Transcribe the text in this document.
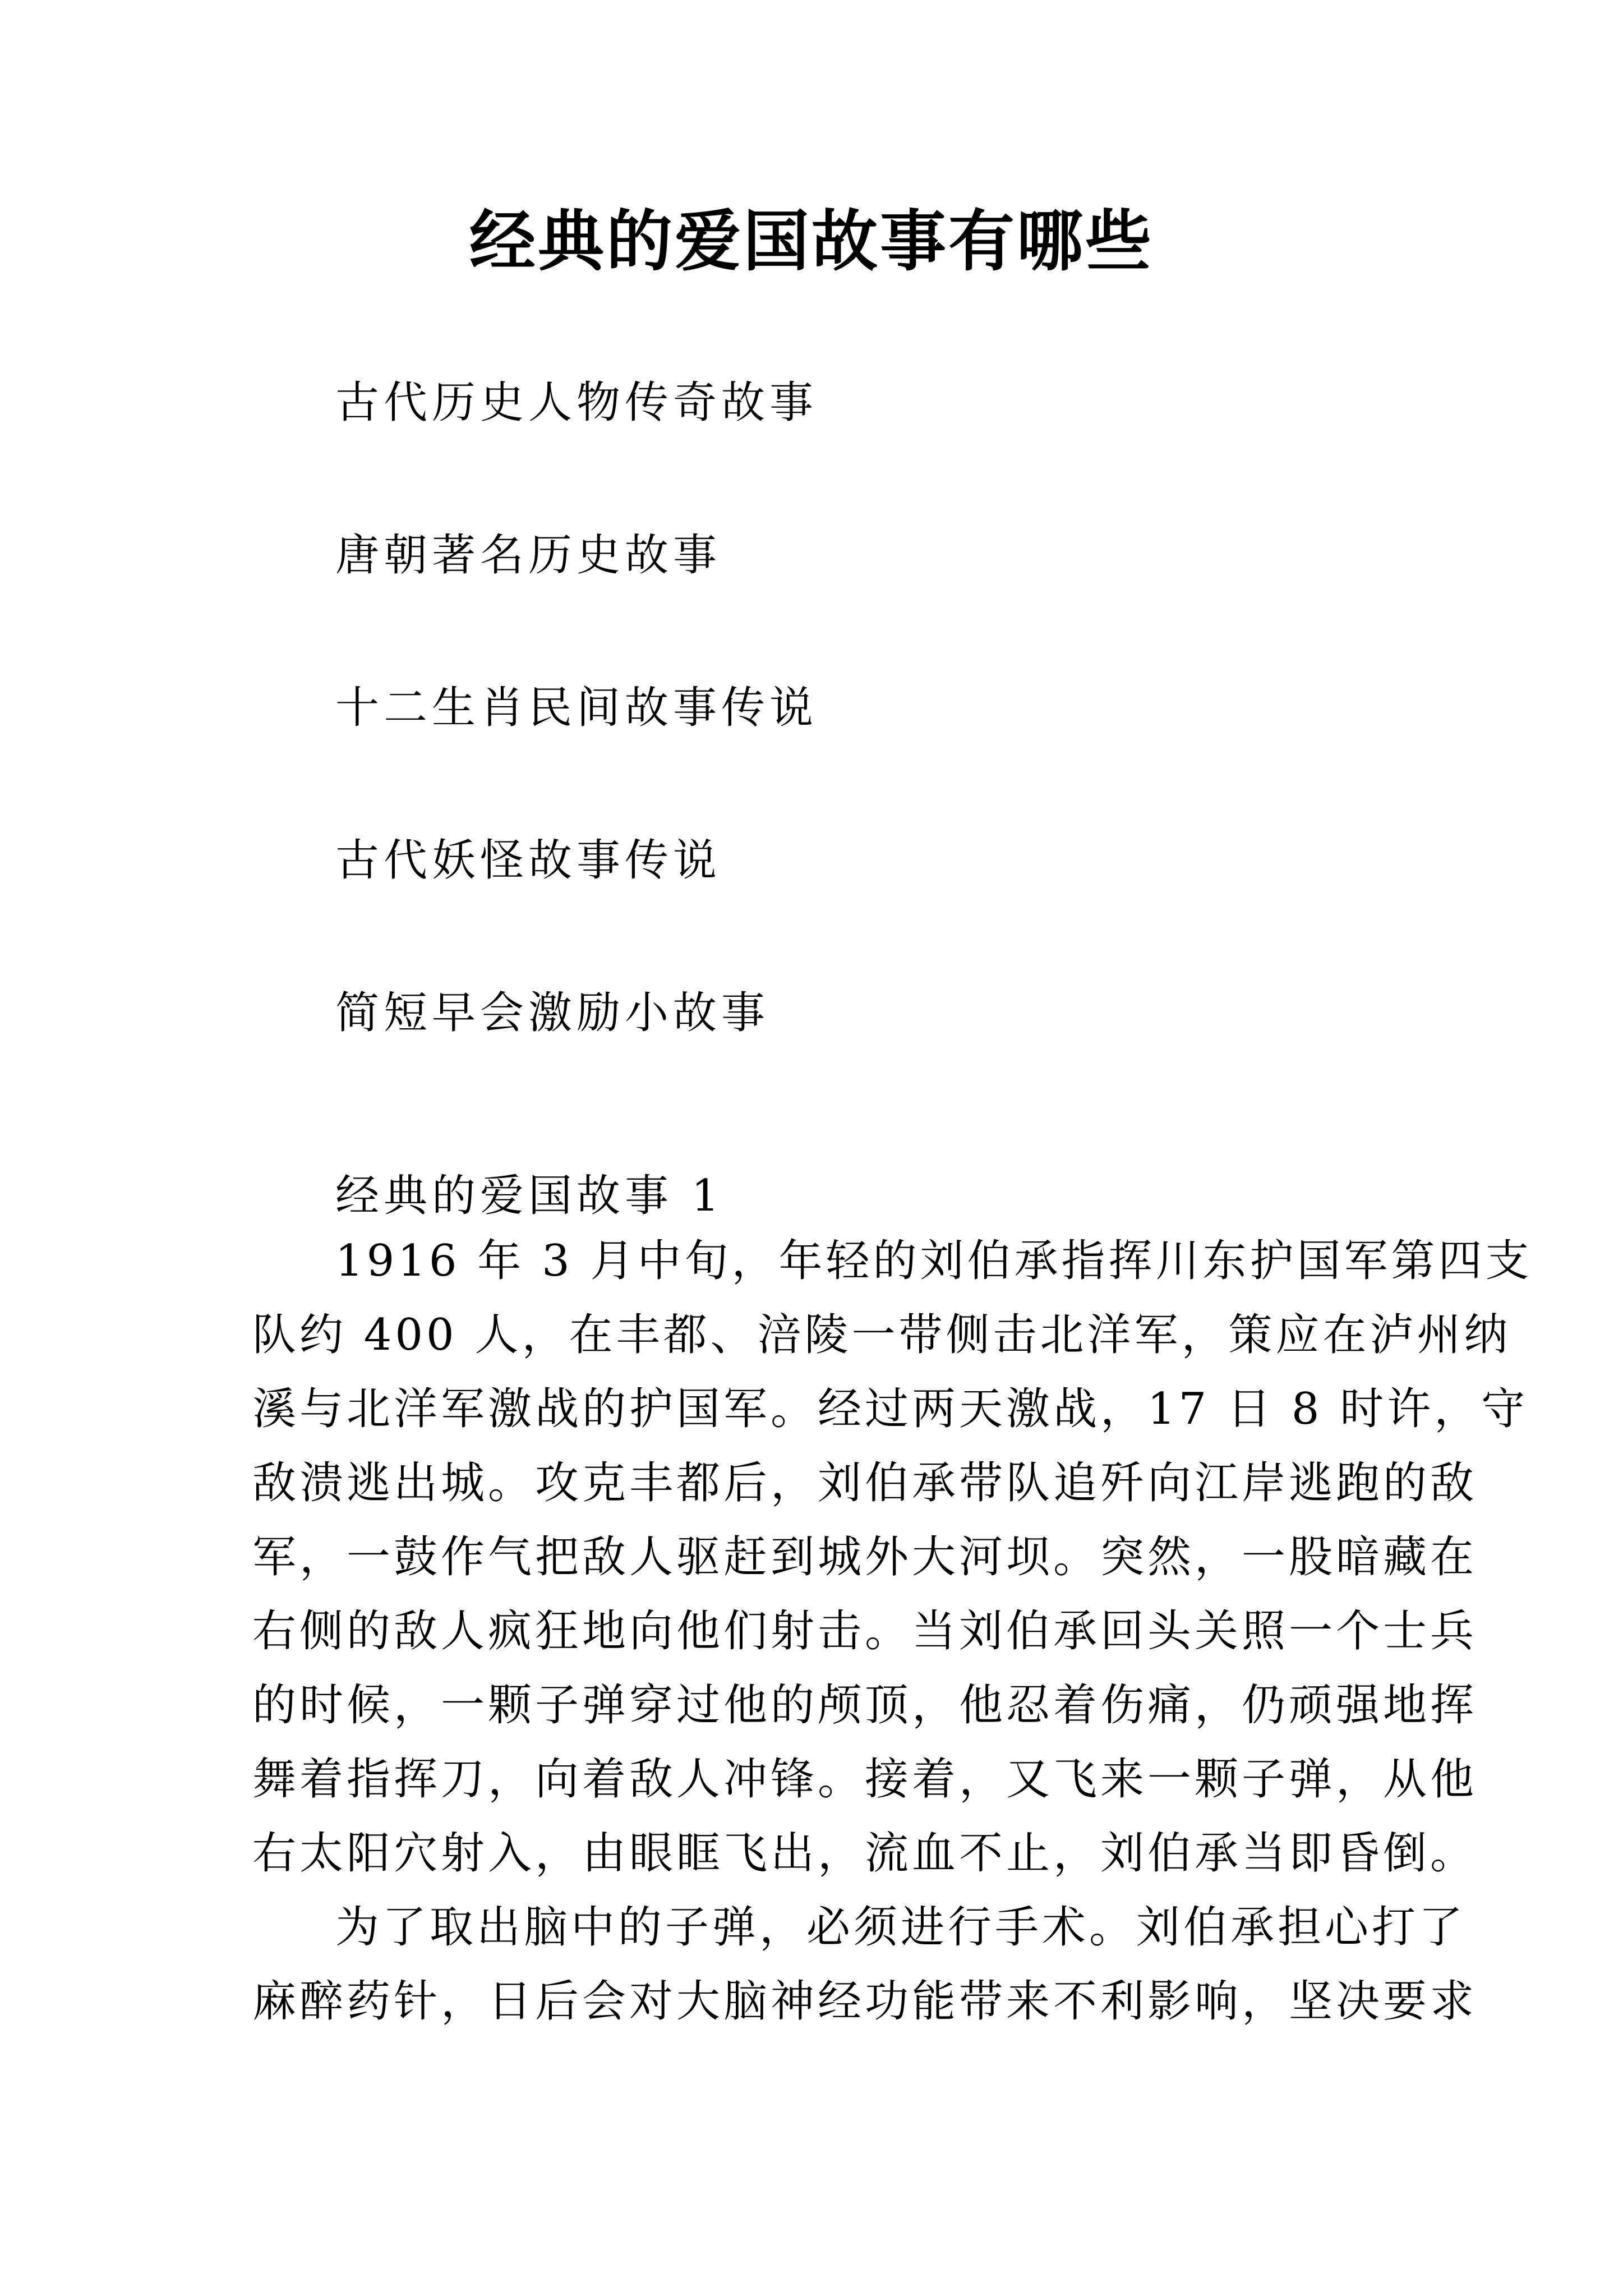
经典的爱国故事有哪些
古代历史人物传奇故事
唐朝著名历史故事
十二生肖民间故事传说
古代妖怪故事传说
简短早会激励小故事
经典的爱国故事 1
1916 年 3 月中旬，年轻的刘伯承指挥川东护国军第四支
队约 400 人，在丰都、涪陵一带侧击北洋军，策应在泸州纳
溪与北洋军激战的护国军。经过两天激战，17 日 8 时许，守
敌溃逃出城。攻克丰都后，刘伯承带队追歼向江岸逃跑的敌
军，一鼓作气把敌人驱赶到城外大河坝。突然，一股暗藏在
右侧的敌人疯狂地向他们射击。当刘伯承回头关照一个士兵
的时候，一颗子弹穿过他的颅顶，他忍着伤痛，仍顽强地挥
舞着指挥刀，向着敌人冲锋。接着，又飞来一颗子弹，从他
右太阳穴射入，由眼眶飞出，流血不止，刘伯承当即昏倒。
为了取出脑中的子弹，必须进行手术。刘伯承担心打了
麻醉药针，日后会对大脑神经功能带来不利影响，坚决要求
